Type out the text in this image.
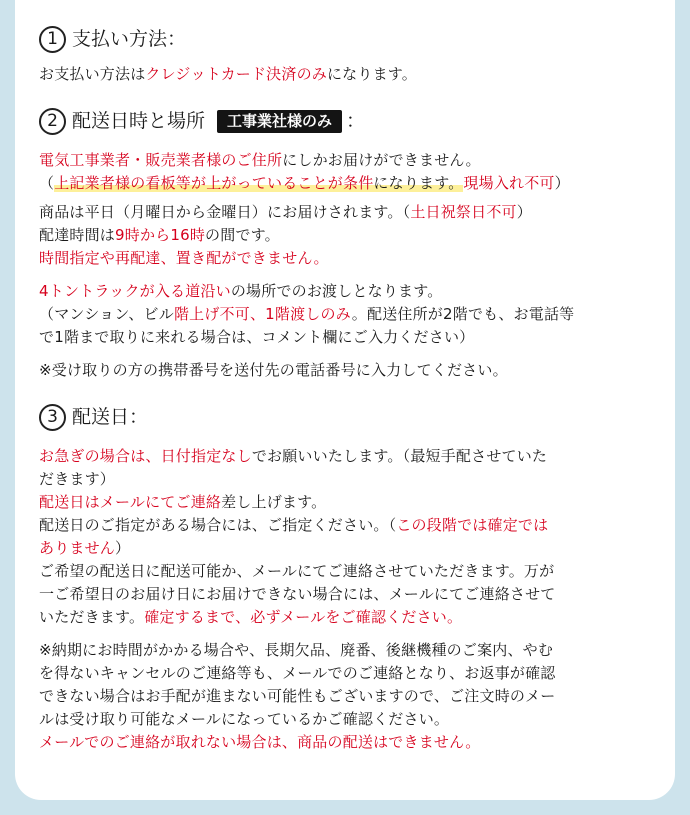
1 支払い方法：

お支払い方法はクレジットカード決済のみになります。

2 配送日時と場所	工事業社様のみ ：

電気工事業者・販売業者様のご住所にしかお届けができません。

（上記業者様の看板等が上がっていることが条件になります。現場入れ不可）

商品は平日（月曜日から金曜日）にお届けされます。（土日祝祭日不可）

配達時間は9時から16時の間です。

時間指定や再配達、置き配ができません。

4トントラックが入る道沿いの場所でのお渡しとなります。

（マンション、ビル階上げ不可、1階渡しのみ。配送住所が2階でも、お電話等

で1階まで取りに来れる場合は、コメント欄にご入力ください）

※受け取りの方の携帯番号を送付先の電話番号に入力してください。

3 配送日：

お急ぎの場合は、日付指定なしでお願いいたします。（最短手配させていた

だきます）

配送日はメールにてご連絡差し上げます。

配送日のご指定がある場合には、ご指定ください。（この段階では確定では

ありません）

ご希望の配送日に配送可能か、メールにてご連絡させていただきます。万が

一ご希望日のお届け日にお届けできない場合には、メールにてご連絡させて

いただきます。確定するまで、必ずメールをご確認ください。

※納期にお時間がかかる場合や、長期欠品、廃番、後継機種のご案内、やむ

を得ないキャンセルのご連絡等も、メールでのご連絡となり、お返事が確認

できない場合はお手配が進まない可能性もございますので、ご注文時のメー

ルは受け取り可能なメールになっているかご確認ください。

メールでのご連絡が取れない場合は、商品の配送はできません。
